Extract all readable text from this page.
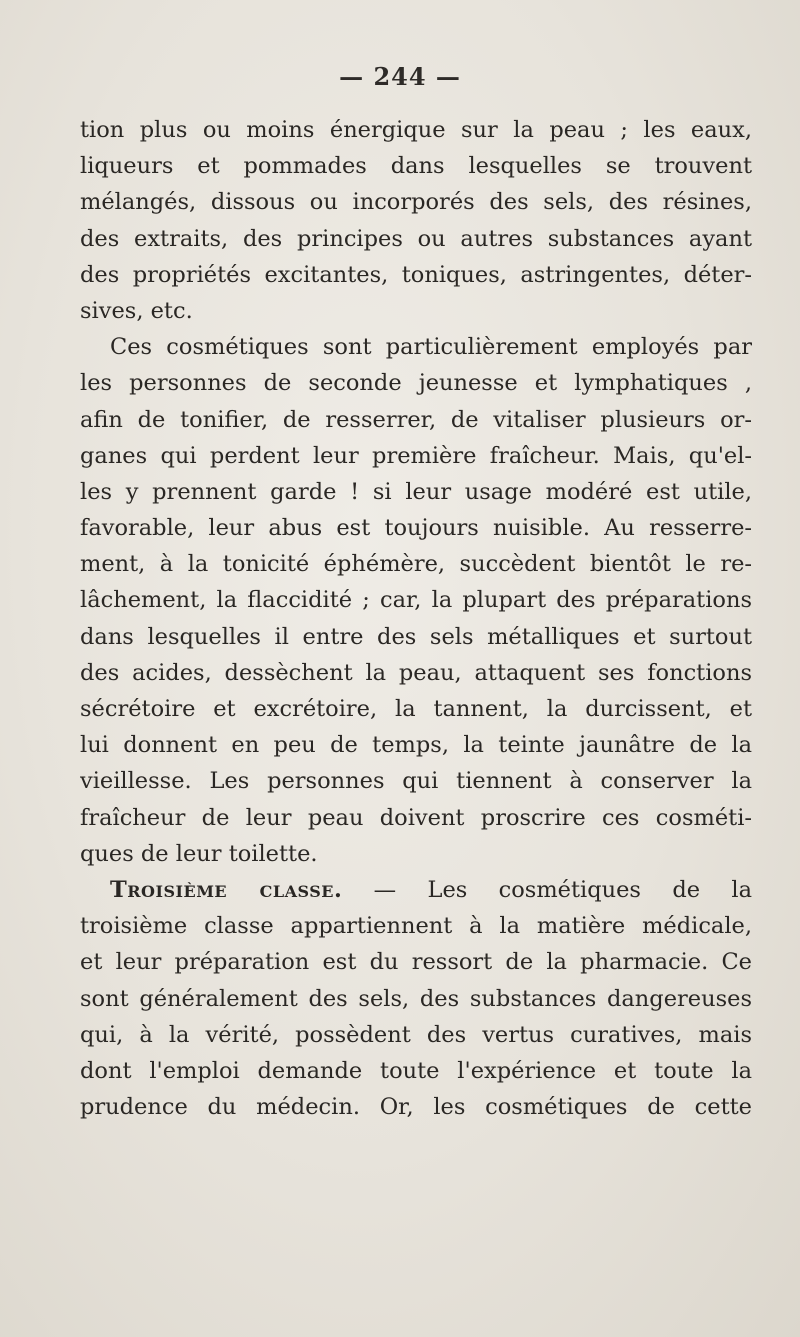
— 244 —
tion plus ou moins énergique sur la peau ; les eaux,
liqueurs et pommades dans lesquelles se trouvent
mélangés, dissous ou incorporés des sels, des résines,
des extraits, des principes ou autres substances ayant
des propriétés excitantes, toniques, astringentes, déter-
sives, etc.
Ces cosmétiques sont particulièrement employés par
les personnes de seconde jeunesse et lymphatiques ,
afin de tonifier, de resserrer, de vitaliser plusieurs or-
ganes qui perdent leur première fraîcheur. Mais, qu'el-
les y prennent garde ! si leur usage modéré est utile,
favorable, leur abus est toujours nuisible. Au resserre-
ment, à la tonicité éphémère, succèdent bientôt le re-
lâchement, la flaccidité ; car, la plupart des préparations
dans lesquelles il entre des sels métalliques et surtout
des acides, dessèchent la peau, attaquent ses fonctions
sécrétoire et excrétoire, la tannent, la durcissent, et
lui donnent en peu de temps, la teinte jaunâtre de la
vieillesse. Les personnes qui tiennent à conserver la
fraîcheur de leur peau doivent proscrire ces cosméti-
ques de leur toilette.
Troisième classe. — Les cosmétiques de la
troisième classe appartiennent à la matière médicale,
et leur préparation est du ressort de la pharmacie. Ce
sont généralement des sels, des substances dangereuses
qui, à la vérité, possèdent des vertus curatives, mais
dont l'emploi demande toute l'expérience et toute la
prudence du médecin. Or, les cosmétiques de cette
